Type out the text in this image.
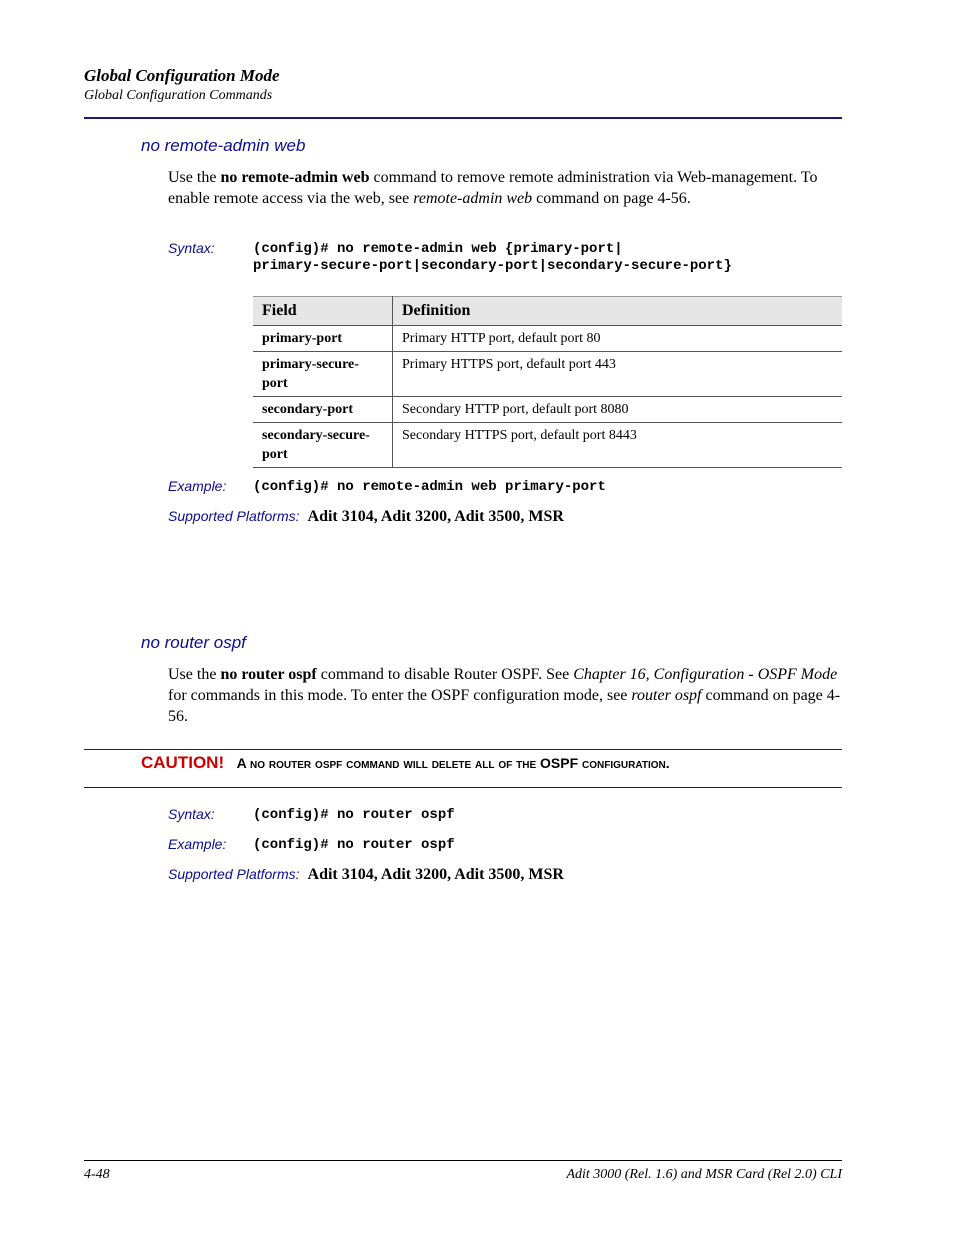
Global Configuration Mode
Global Configuration Commands
no remote-admin web
Use the no remote-admin web command to remove remote administration via Web-management. To enable remote access via the web, see remote-admin web command on page 4-56.
Syntax:	(config)# no remote-admin web {primary-port|
primary-secure-port|secondary-port|secondary-secure-port}
Field	Definition
primary-port	Primary HTTP port, default port 80
primary-secure-port	Primary HTTPS port, default port 443
secondary-port	Secondary HTTP port, default port 8080
secondary-secure-port	Secondary HTTPS port, default port 8443
Example: (config)# no remote-admin web primary-port
Supported Platforms: Adit 3104, Adit 3200, Adit 3500, MSR
no router ospf
Use the no router ospf command to disable Router OSPF. See Chapter 16, Configuration - OSPF Mode for commands in this mode. To enter the OSPF configuration mode, see router ospf command on page 4-56.
CAUTION! A no router ospf command will delete all of the OSPF configuration.
Syntax:	(config)# no router ospf
Example: (config)# no router ospf
Supported Platforms: Adit 3104, Adit 3200, Adit 3500, MSR
4-48	Adit 3000 (Rel. 1.6) and MSR Card (Rel 2.0) CLI
